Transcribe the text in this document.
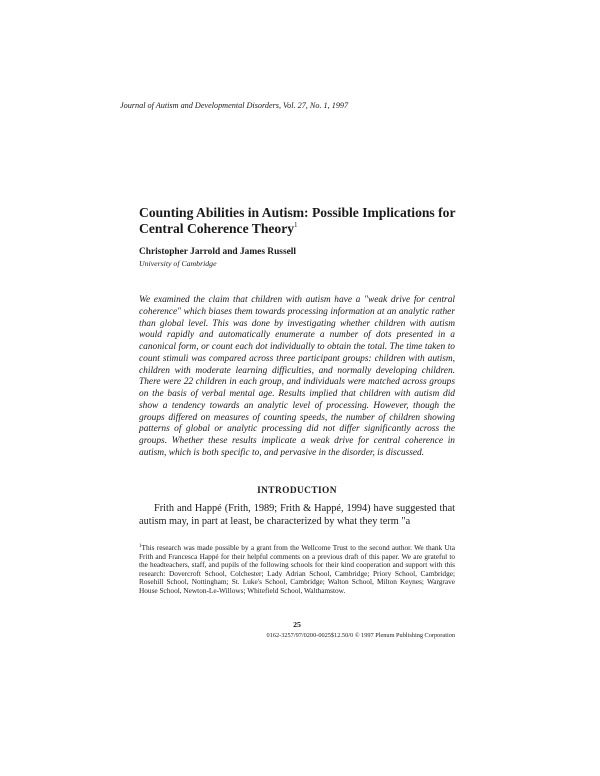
Journal of Autism and Developmental Disorders, Vol. 27, No. 1, 1997
Counting Abilities in Autism: Possible Implications for Central Coherence Theory$^1$
Christopher Jarrold and James Russell
University of Cambridge

We examined the claim that children with autism have a "weak drive for central coherence" which biases them towards processing information at an analytic rather than global level. This was done by investigating whether children with autism would rapidly and automatically enumerate a number of dots presented in a canonical form, or count each dot individually to obtain the total. The time taken to count stimuli was compared across three participant groups: children with autism, children with moderate learning difficulties, and normally developing children. There were 22 children in each group, and individuals were matched across groups on the basis of verbal mental age. Results implied that children with autism did show a tendency towards an analytic level of processing. However, though the groups differed on measures of counting speeds, the number of children showing patterns of global or analytic processing did not differ significantly across the groups. Whether these results implicate a weak drive for central coherence in autism, which is both specific to, and pervasive in the disorder, is discussed.

INTRODUCTION

Frith and Happé (Frith, 1989; Frith & Happé, 1994) have suggested that autism may, in part at least, be characterized by what they term "a

$^1$This research was made possible by a grant from the Wellcome Trust to the second author. We thank Uta Frith and Francesca Happé for their helpful comments on a previous draft of this paper. We are grateful to the headteachers, staff, and pupils of the following schools for their kind cooperation and support with this research: Dovercroft School, Colchester; Lady Adrian School, Cambridge; Priory School, Cambridge; Rosehill School, Nottingham; St. Luke's School, Cambridge; Walton School, Milton Keynes; Wargrave House School, Newton-Le-Willows; Whitefield School, Walthamstow.

25
0162-3257/97/0200-0025$12.50/0 © 1997 Plenum Publishing Corporation
